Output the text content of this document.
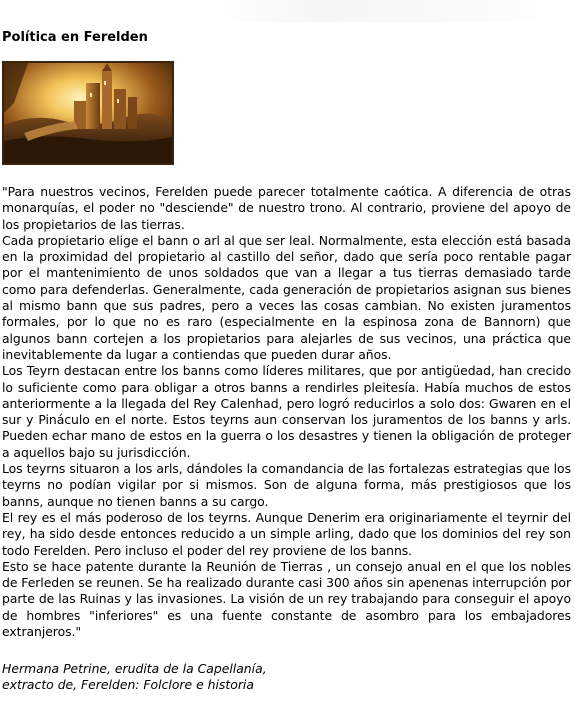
Política en Ferelden

"Para nuestros vecinos, Ferelden puede parecer totalmente caótica. A diferencia de otras monarquías, el poder no "desciende" de nuestro trono. Al contrario, proviene del apoyo de los propietarios de las tierras.

Cada propietario elige el bann o arl al que ser leal. Normalmente, esta elección está basada en la proximidad del propietario al castillo del señor, dado que sería poco rentable pagar por el mantenimiento de unos soldados que van a llegar a tus tierras demasiado tarde como para defenderlas. Generalmente, cada generación de propietarios asignan sus bienes al mismo bann que sus padres, pero a veces las cosas cambian. No existen juramentos formales, por lo que no es raro (especialmente en la espinosa zona de Bannorn) que algunos bann cortejen a los propietarios para alejarles de sus vecinos, una práctica que inevitablemente da lugar a contiendas que pueden durar años.

Los Teyrn destacan entre los banns como líderes militares, que por antigüedad, han crecido lo suficiente como para obligar a otros banns a rendirles pleitesía. Había muchos de estos anteriormente a la llegada del Rey Calenhad, pero logró reducirlos a solo dos: Gwaren en el sur y Pináculo en el norte. Estos teyrns aun conservan los juramentos de los banns y arls. Pueden echar mano de estos en la guerra o los desastres y tienen la obligación de proteger a aquellos bajo su jurisdicción.

Los teyrns situaron a los arls, dándoles la comandancia de las fortalezas estrategias que los teyrns no podían vigilar por si mismos. Son de alguna forma, más prestigiosos que los banns, aunque no tienen banns a su cargo.

El rey es el más poderoso de los teyrns. Aunque Denerim era originariamente el teyrnir del rey, ha sido desde entonces reducido a un simple arling, dado que los dominios del rey son todo Ferelden. Pero incluso el poder del rey proviene de los banns.

Esto se hace patente durante la Reunión de Tierras , un consejo anual en el que los nobles de Ferleden se reunen. Se ha realizado durante casi 300 años sin apenenas interrupción por parte de las Ruinas y las invasiones. La visión de un rey trabajando para conseguir el apoyo de hombres "inferiores" es una fuente constante de asombro para los embajadores extranjeros."

Hermana Petrine, erudita de la Capellanía,
extracto de, Ferelden: Folclore e historia
